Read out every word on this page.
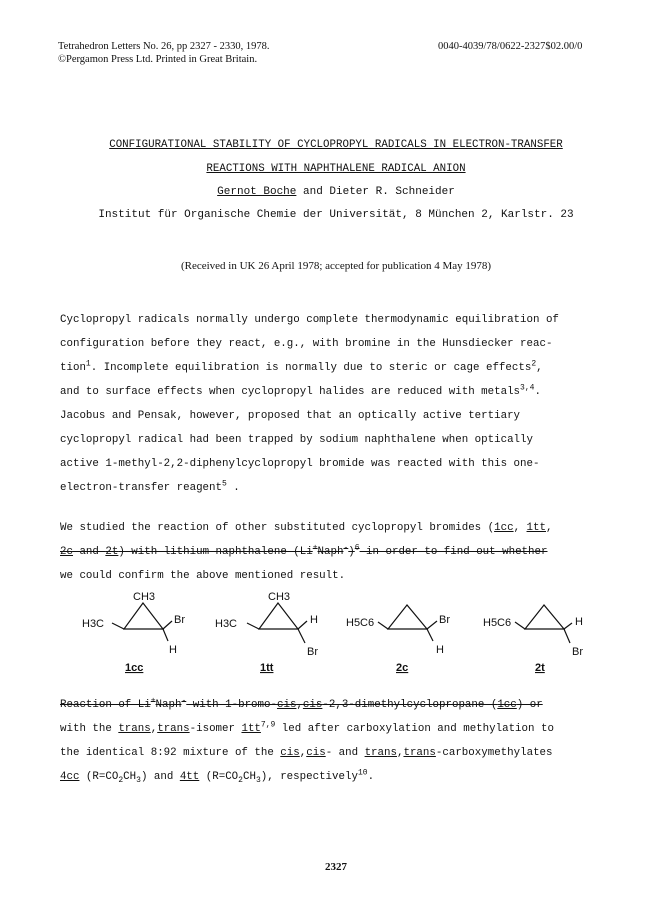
Tetrahedron Letters No. 26, pp 2327 - 2330, 1978.
©Pergamon Press Ltd. Printed in Great Britain.
0040-4039/78/0622-2327$02.00/0
CONFIGURATIONAL STABILITY OF CYCLOPROPYL RADICALS IN ELECTRON-TRANSFER
REACTIONS WITH NAPHTHALENE RADICAL ANION
Gernot Boche and Dieter R. Schneider
Institut für Organische Chemie der Universität, 8 München 2, Karlstr. 23
(Received in UK 26 April 1978; accepted for publication 4 May 1978)
Cyclopropyl radicals normally undergo complete thermodynamic equilibration of
configuration before they react, e.g., with bromine in the Hunsdiecker reac-
tion$^1$. Incomplete equilibration is normally due to steric or cage effects$^2$,
and to surface effects when cyclopropyl halides are reduced with metals$^{3,4}$.
Jacobus and Pensak, however, proposed that an optically active tertiary
cyclopropyl radical had been trapped by sodium naphthalene when optically
active 1-methyl-2,2-diphenylcyclopropyl bromide was reacted with this one-
electron-transfer reagent$^5$ .
We studied the reaction of other substituted cyclopropyl bromides (1cc, 1tt,
2c and 2t) with lithium naphthalene (Li+Naph-)$^6$ in order to find out whether
we could confirm the above mentioned result.
CH3
H3C	Br
H
1cc
CH3
H3C	H
Br
1tt
H5C6	Br
H
2c
H5C6	H
Br
2t
Reaction of Li+Naph- with 1-bromo-cis,cis-2,3-dimethylcyclopropane (1cc) or
with the trans,trans-isomer 1tt$^{7,9}$ led after carboxylation and methylation to
the identical 8:92 mixture of the cis,cis- and trans,trans-carboxymethylates
4cc $(R=CO_2CH_3)$ and 4tt $(R=CO_2CH_3)$, respectively$^{10}$.
2327
